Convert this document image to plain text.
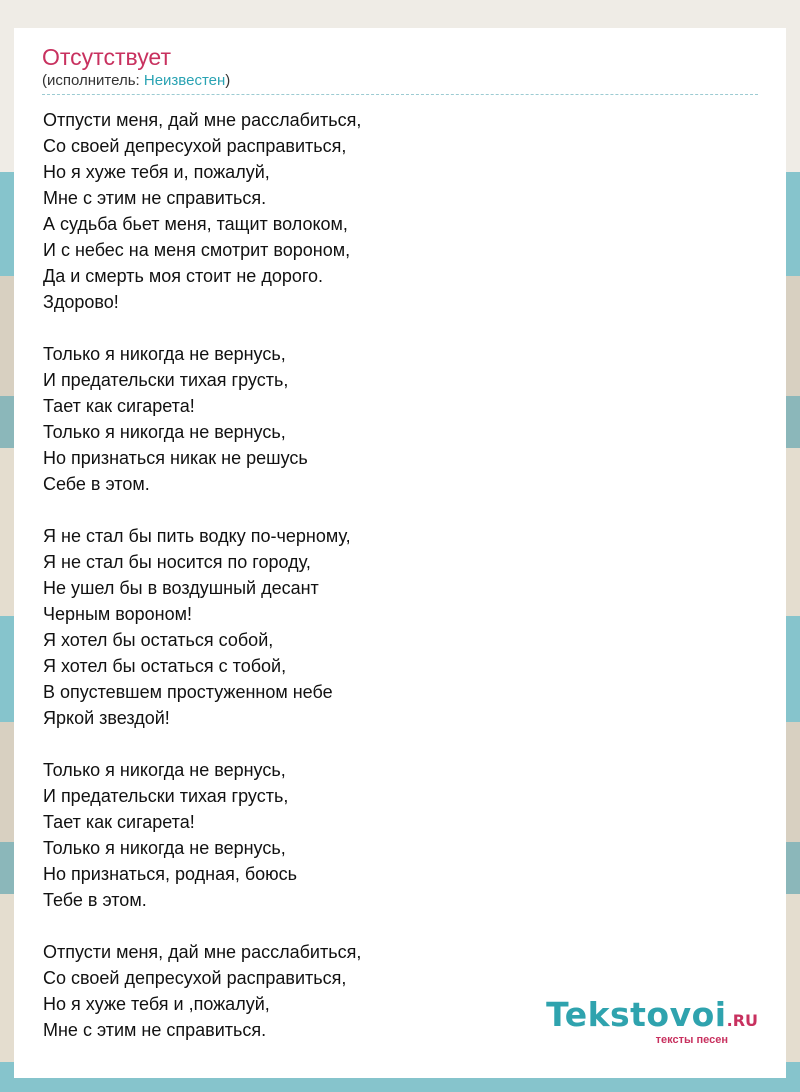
Отсутствует
(исполнитель: Неизвестен)
Отпусти меня, дай мне расслабиться,
Со своей депресухой расправиться,
Но я хуже тебя и, пожалуй,
Мне с этим не справиться.
А судьба бьет меня, тащит волоком,
И с небес на меня смотрит вороном,
Да и смерть моя стоит не дорого.
Здорово!
Только я никогда не вернусь,
И предательски тихая грусть,
Тает как сигарета!
Только я никогда не вернусь,
Но признаться никак не решусь
Себе в этом.
Я не стал бы пить водку по-черному,
Я не стал бы носится по городу,
Не ушел бы в воздушный десант
Черным вороном!
Я хотел бы остаться собой,
Я хотел бы остаться с тобой,
В опустевшем простуженном небе
Яркой звездой!
Только я никогда не вернусь,
И предательски тихая грусть,
Тает как сигарета!
Только я никогда не вернусь,
Но признаться, родная, боюсь
Тебе в этом.
Отпусти меня, дай мне расслабиться,
Со своей депресухой расправиться,
Но я хуже тебя и ,пожалуй,
Мне с этим не справиться.	Tekstovoi.RU
тексты песен
